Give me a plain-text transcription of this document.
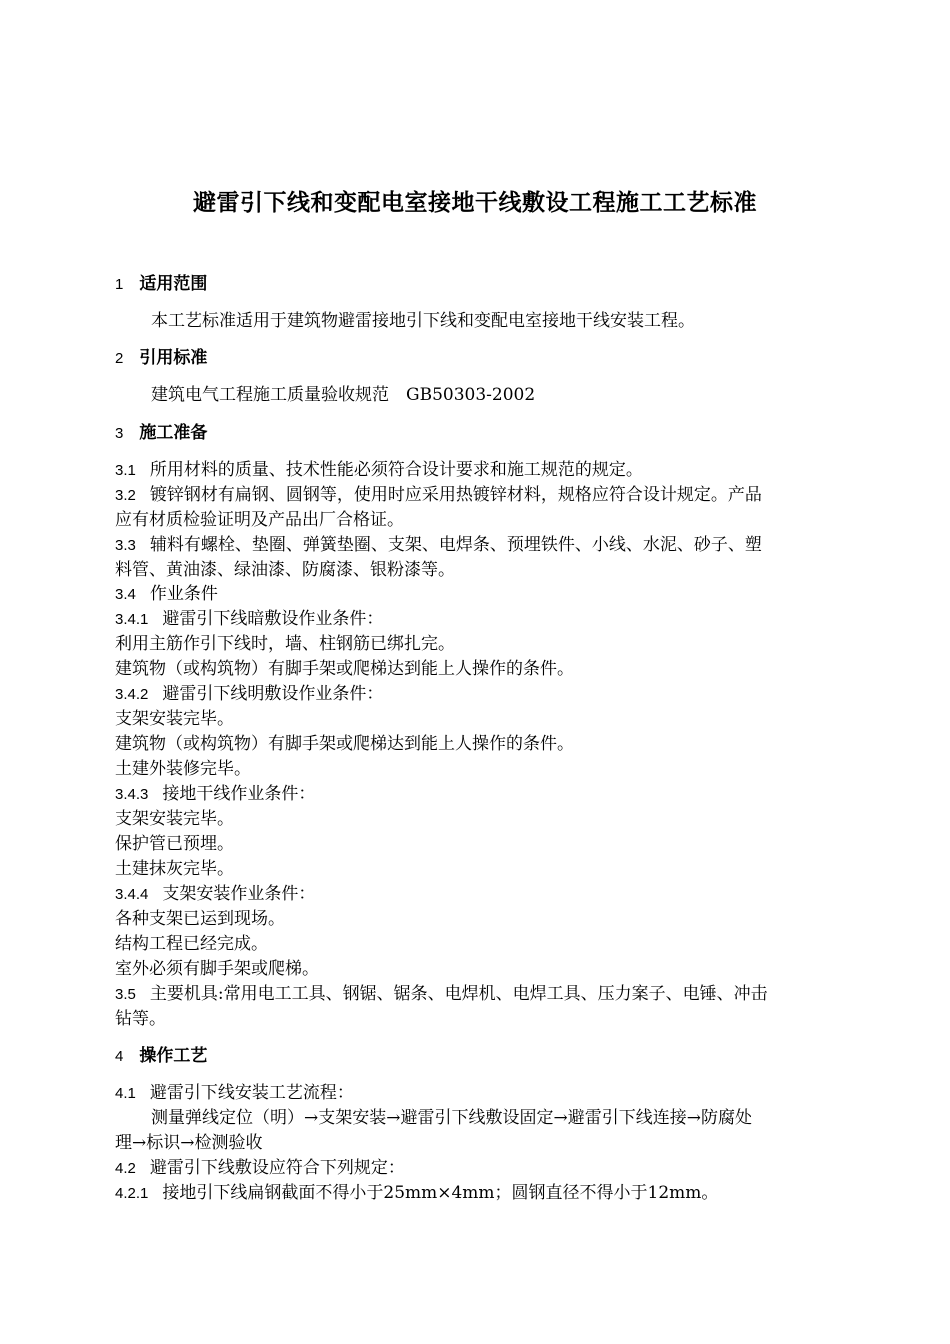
避雷引下线和变配电室接地干线敷设工程施工工艺标准
1 适用范围
本工艺标准适用于建筑物避雷接地引下线和变配电室接地干线安装工程。
2 引用标准
建筑电气工程施工质量验收规范　GB50303-2002
3 施工准备
3.1 所用材料的质量、技术性能必须符合设计要求和施工规范的规定。
3.2 镀锌钢材有扁钢、圆钢等，使用时应采用热镀锌材料，规格应符合设计规定。产品
应有材质检验证明及产品出厂合格证。
3.3 辅料有螺栓、垫圈、弹簧垫圈、支架、电焊条、预埋铁件、小线、水泥、砂子、塑
料管、黄油漆、绿油漆、防腐漆、银粉漆等。
3.4 作业条件
3.4.1 避雷引下线暗敷设作业条件：
利用主筋作引下线时，墙、柱钢筋已绑扎完。
建筑物（或构筑物）有脚手架或爬梯达到能上人操作的条件。
3.4.2 避雷引下线明敷设作业条件：
支架安装完毕。
建筑物（或构筑物）有脚手架或爬梯达到能上人操作的条件。
土建外装修完毕。
3.4.3 接地干线作业条件：
支架安装完毕。
保护管已预埋。
土建抹灰完毕。
3.4.4 支架安装作业条件：
各种支架已运到现场。
结构工程已经完成。
室外必须有脚手架或爬梯。
3.5 主要机具:常用电工工具、钢锯、锯条、电焊机、电焊工具、压力案子、电锤、冲击
钻等。
4 操作工艺
4.1 避雷引下线安装工艺流程：
测量弹线定位（明）→支架安装→避雷引下线敷设固定→避雷引下线连接→防腐处
理→标识→检测验收
4.2 避雷引下线敷设应符合下列规定：
4.2.1 接地引下线扁钢截面不得小于25mm×4mm；圆钢直径不得小于12mm。
